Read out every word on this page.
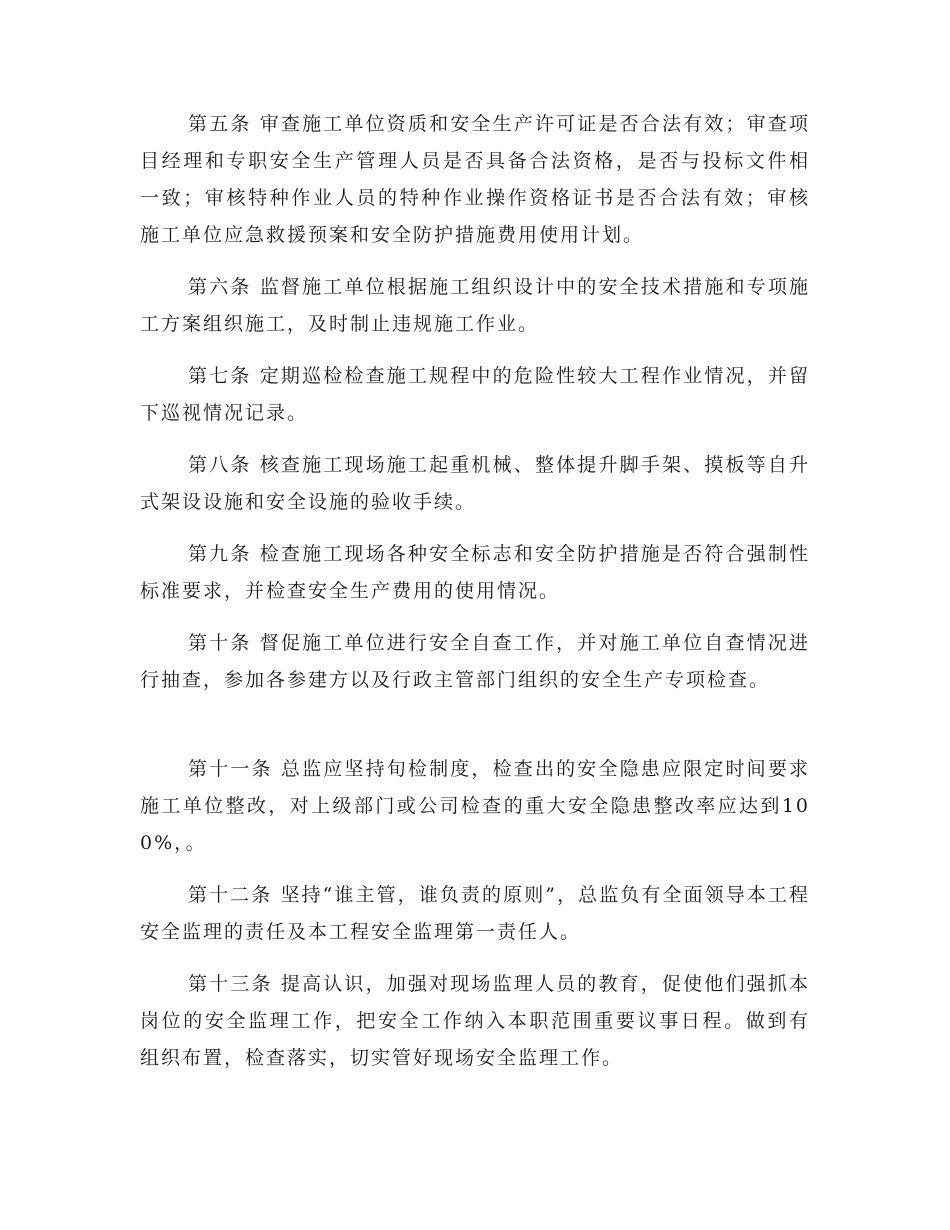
第五条 审查施工单位资质和安全生产许可证是否合法有效；审查项目经理和专职安全生产管理人员是否具备合法资格，是否与投标文件相一致；审核特种作业人员的特种作业操作资格证书是否合法有效；审核施工单位应急救援预案和安全防护措施费用使用计划。

第六条 监督施工单位根据施工组织设计中的安全技术措施和专项施工方案组织施工，及时制止违规施工作业。

第七条 定期巡检检查施工规程中的危险性较大工程作业情况，并留下巡视情况记录。

第八条 核查施工现场施工起重机械、整体提升脚手架、摸板等自升式架设设施和安全设施的验收手续。

第九条 检查施工现场各种安全标志和安全防护措施是否符合强制性标准要求，并检查安全生产费用的使用情况。

第十条 督促施工单位进行安全自查工作，并对施工单位自查情况进行抽查，参加各参建方以及行政主管部门组织的安全生产专项检查。

第十一条 总监应坚持旬检制度，检查出的安全隐患应限定时间要求施工单位整改，对上级部门或公司检查的重大安全隐患整改率应达到100%，。

第十二条 坚持“谁主管，谁负责的原则”，总监负有全面领导本工程安全监理的责任及本工程安全监理第一责任人。

第十三条 提高认识，加强对现场监理人员的教育，促使他们强抓本岗位的安全监理工作，把安全工作纳入本职范围重要议事日程。做到有组织布置，检查落实，切实管好现场安全监理工作。
